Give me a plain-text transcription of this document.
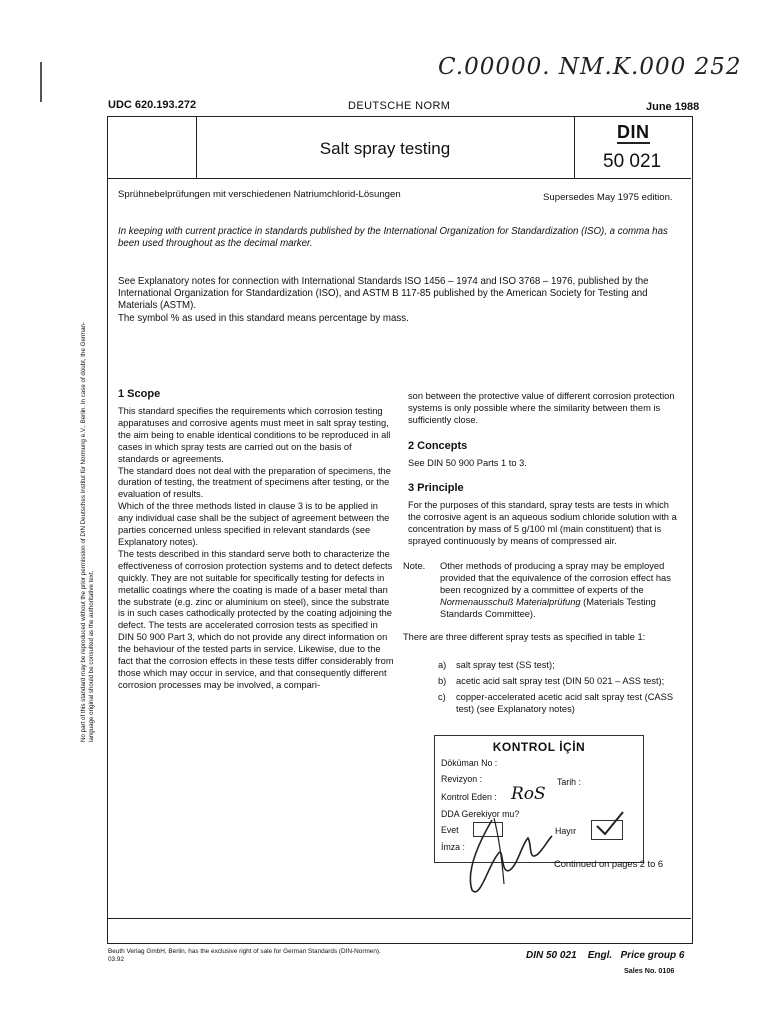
C.00000. NM.K.000 252
UDC 620.193.272	DEUTSCHE NORM	June 1988
Salt spray testing
DIN
50 021
Sprühnebelprüfungen mit verschiedenen Natriumchlorid-Lösungen	Supersedes May 1975 edition.
In keeping with current practice in standards published by the International Organization for Standardization (ISO), a comma has been used throughout as the decimal marker.
See Explanatory notes for connection with International Standards ISO 1456 – 1974 and ISO 3768 – 1976, published by the International Organization for Standardization (ISO), and ASTM B 117-85 published by the American Society for Testing and Materials (ASTM).
The symbol % as used in this standard means percentage by mass.
No part of this standard may be reproduced without the prior permission of DIN Deutsches Institut für Normung e.V., Berlin. In case of doubt, the German-language original should be consulted as the authoritative text.
1 Scope
This standard specifies the requirements which corrosion testing apparatuses and corrosive agents must meet in salt spray testing, the aim being to enable identical conditions to be reproduced in all cases in which spray tests are carried out on the basis of standards or agreements.
The standard does not deal with the preparation of specimens, the duration of testing, the treatment of specimens after testing, or the evaluation of results.
Which of the three methods listed in clause 3 is to be applied in any individual case shall be the subject of agreement between the parties concerned unless specified in relevant standards (see Explanatory notes).
The tests described in this standard serve both to characterize the effectiveness of corrosion protection systems and to detect defects quickly. They are not suitable for specifically testing for defects in metallic coatings where the coating is made of a baser metal than the substrate (e.g. zinc or aluminium on steel), since the substrate is in such cases cathodically protected by the coating adjoining the defect. The tests are accelerated corrosion tests as specified in DIN 50 900 Part 3, which do not provide any direct information on the behaviour of the tested parts in service. Likewise, due to the fact that the corrosion effects in these tests differ considerably from those which may occur in service, and that consequently different corrosion processes may be involved, a compari-
son between the protective value of different corrosion protection systems is only possible where the similarity between them is sufficiently close.
2 Concepts
See DIN 50 900 Parts 1 to 3.
3 Principle
For the purposes of this standard, spray tests are tests in which the corrosive agent is an aqueous sodium chloride solution with a concentration by mass of 5 g/100 ml (main constituent) that is sprayed continuously by means of compressed air.
Note. Other methods of producing a spray may be employed provided that the equivalence of the corrosion effect has been recognized by a committee of experts of the Normenausschuß Materialprüfung (Materials Testing Standards Committee).
There are three different spray tests as specified in table 1:
a)	salt spray test (SS test);
b)	acetic acid salt spray test (DIN 50 021 – ASS test);
c)	copper-accelerated acetic acid salt spray test (CASS test) (see Explanatory notes)
KONTROL İÇİN
Döküman No :
Revizyon :	Tarih :
Kontrol Eden : RoS
DDA Gerekiyor mu?
Evet	Hayır
İmza :
Continued on pages 2 to 6
Beuth Verlag GmbH, Berlin, has the exclusive right of sale for German Standards (DIN-Normen).
03.92	DIN 50 021 Engl. Price group 6
Sales No. 0106
